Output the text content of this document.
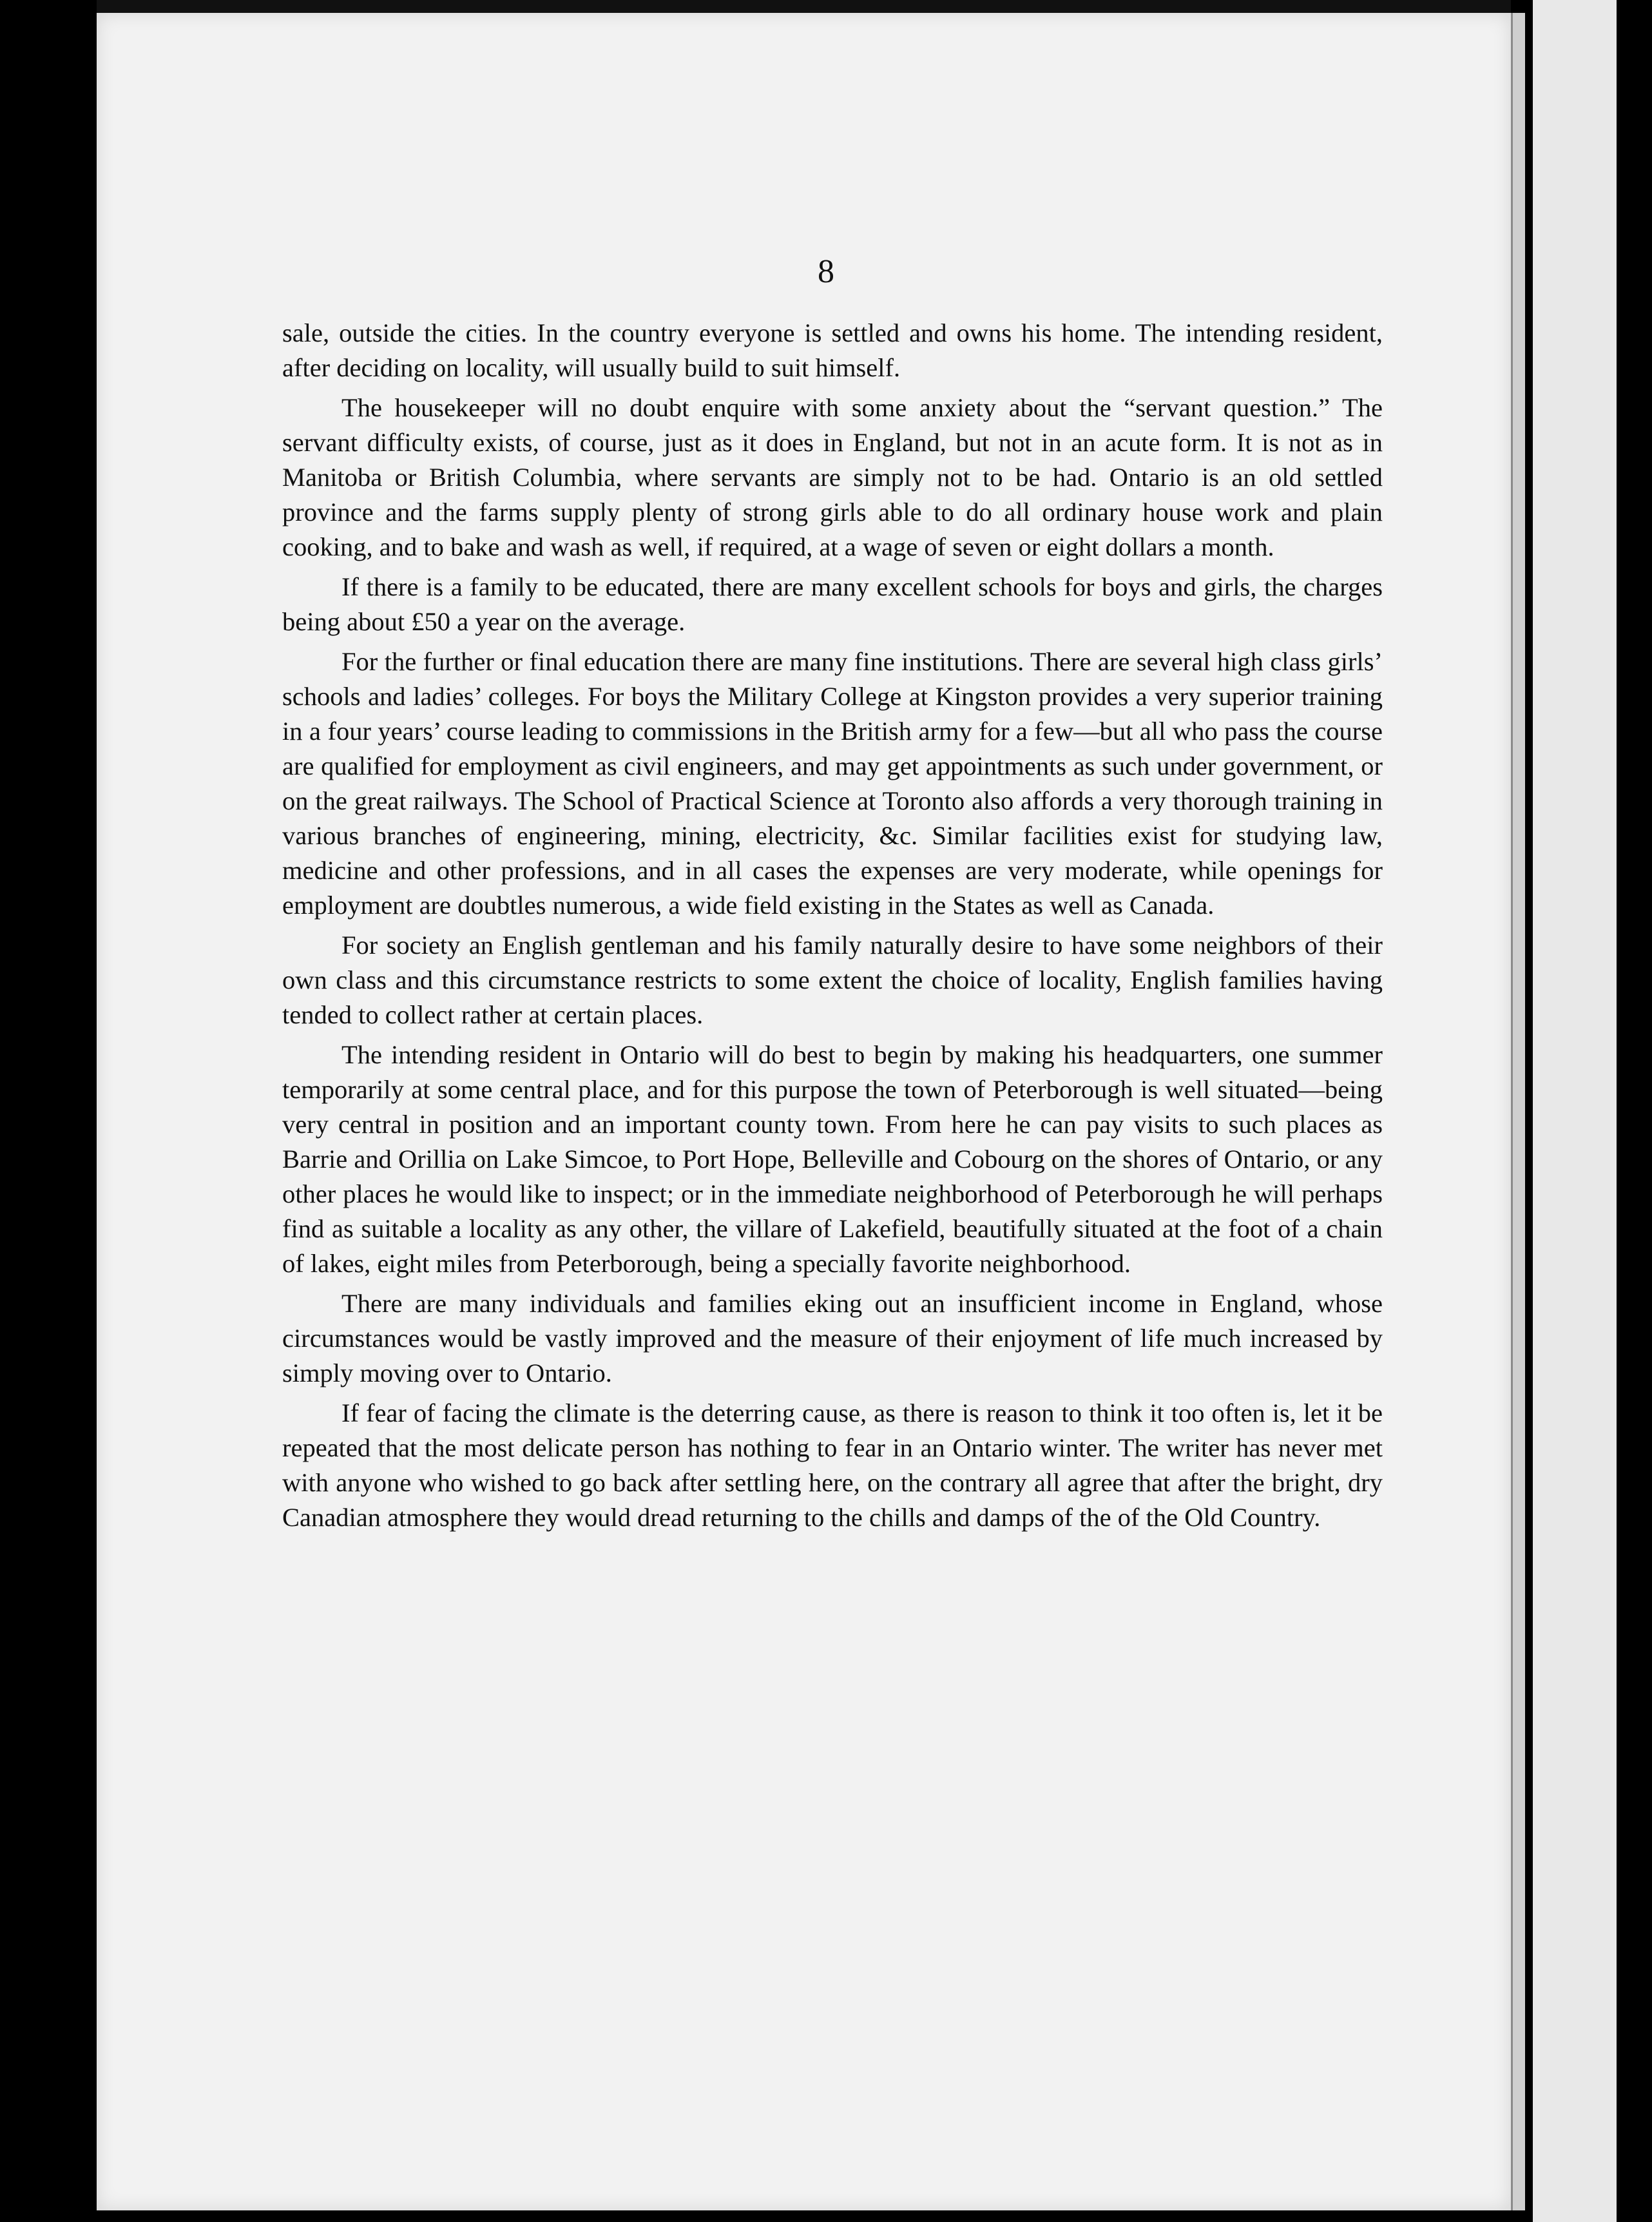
8

sale, outside the cities. In the country everyone is settled and owns his home. The intending resident, after deciding on locality, will usually build to suit himself.

The housekeeper will no doubt enquire with some anxiety about the “servant question.” The servant difficulty exists, of course, just as it does in England, but not in an acute form. It is not as in Manitoba or British Columbia, where servants are simply not to be had. Ontario is an old settled province and the farms supply plenty of strong girls able to do all ordinary house work and plain cooking, and to bake and wash as well, if required, at a wage of seven or eight dollars a month.

If there is a family to be educated, there are many excellent schools for boys and girls, the charges being about £50 a year on the average.

For the further or final education there are many fine institutions. There are several high class girls’ schools and ladies’ colleges. For boys the Military College at Kingston provides a very superior training in a four years’ course leading to commissions in the British army for a few—but all who pass the course are qualified for employment as civil engineers, and may get appointments as such under government, or on the great railways. The School of Practical Science at Toronto also affords a very thorough training in various branches of engineering, mining, electricity, &c. Similar facilities exist for studying law, medicine and other professions, and in all cases the expenses are very moderate, while openings for employment are doubtles numerous, a wide field existing in the States as well as Canada.

For society an English gentleman and his family naturally desire to have some neighbors of their own class and this circumstance restricts to some extent the choice of locality, English families having tended to collect rather at certain places.

The intending resident in Ontario will do best to begin by making his headquarters, one summer temporarily at some central place, and for this purpose the town of Peterborough is well situated—being very central in position and an important county town. From here he can pay visits to such places as Barrie and Orillia on Lake Simcoe, to Port Hope, Belleville and Cobourg on the shores of Ontario, or any other places he would like to inspect; or in the immediate neighborhood of Peterborough he will perhaps find as suitable a locality as any other, the villare of Lakefield, beautifully situated at the foot of a chain of lakes, eight miles from Peterborough, being a specially favorite neighborhood.

There are many individuals and families eking out an insufficient income in England, whose circumstances would be vastly improved and the measure of their enjoyment of life much increased by simply moving over to Ontario.

If fear of facing the climate is the deterring cause, as there is reason to think it too often is, let it be repeated that the most delicate person has nothing to fear in an Ontario winter. The writer has never met with anyone who wished to go back after settling here, on the contrary all agree that after the bright, dry Canadian atmosphere they would dread returning to the chills and damps of the of the Old Country.
